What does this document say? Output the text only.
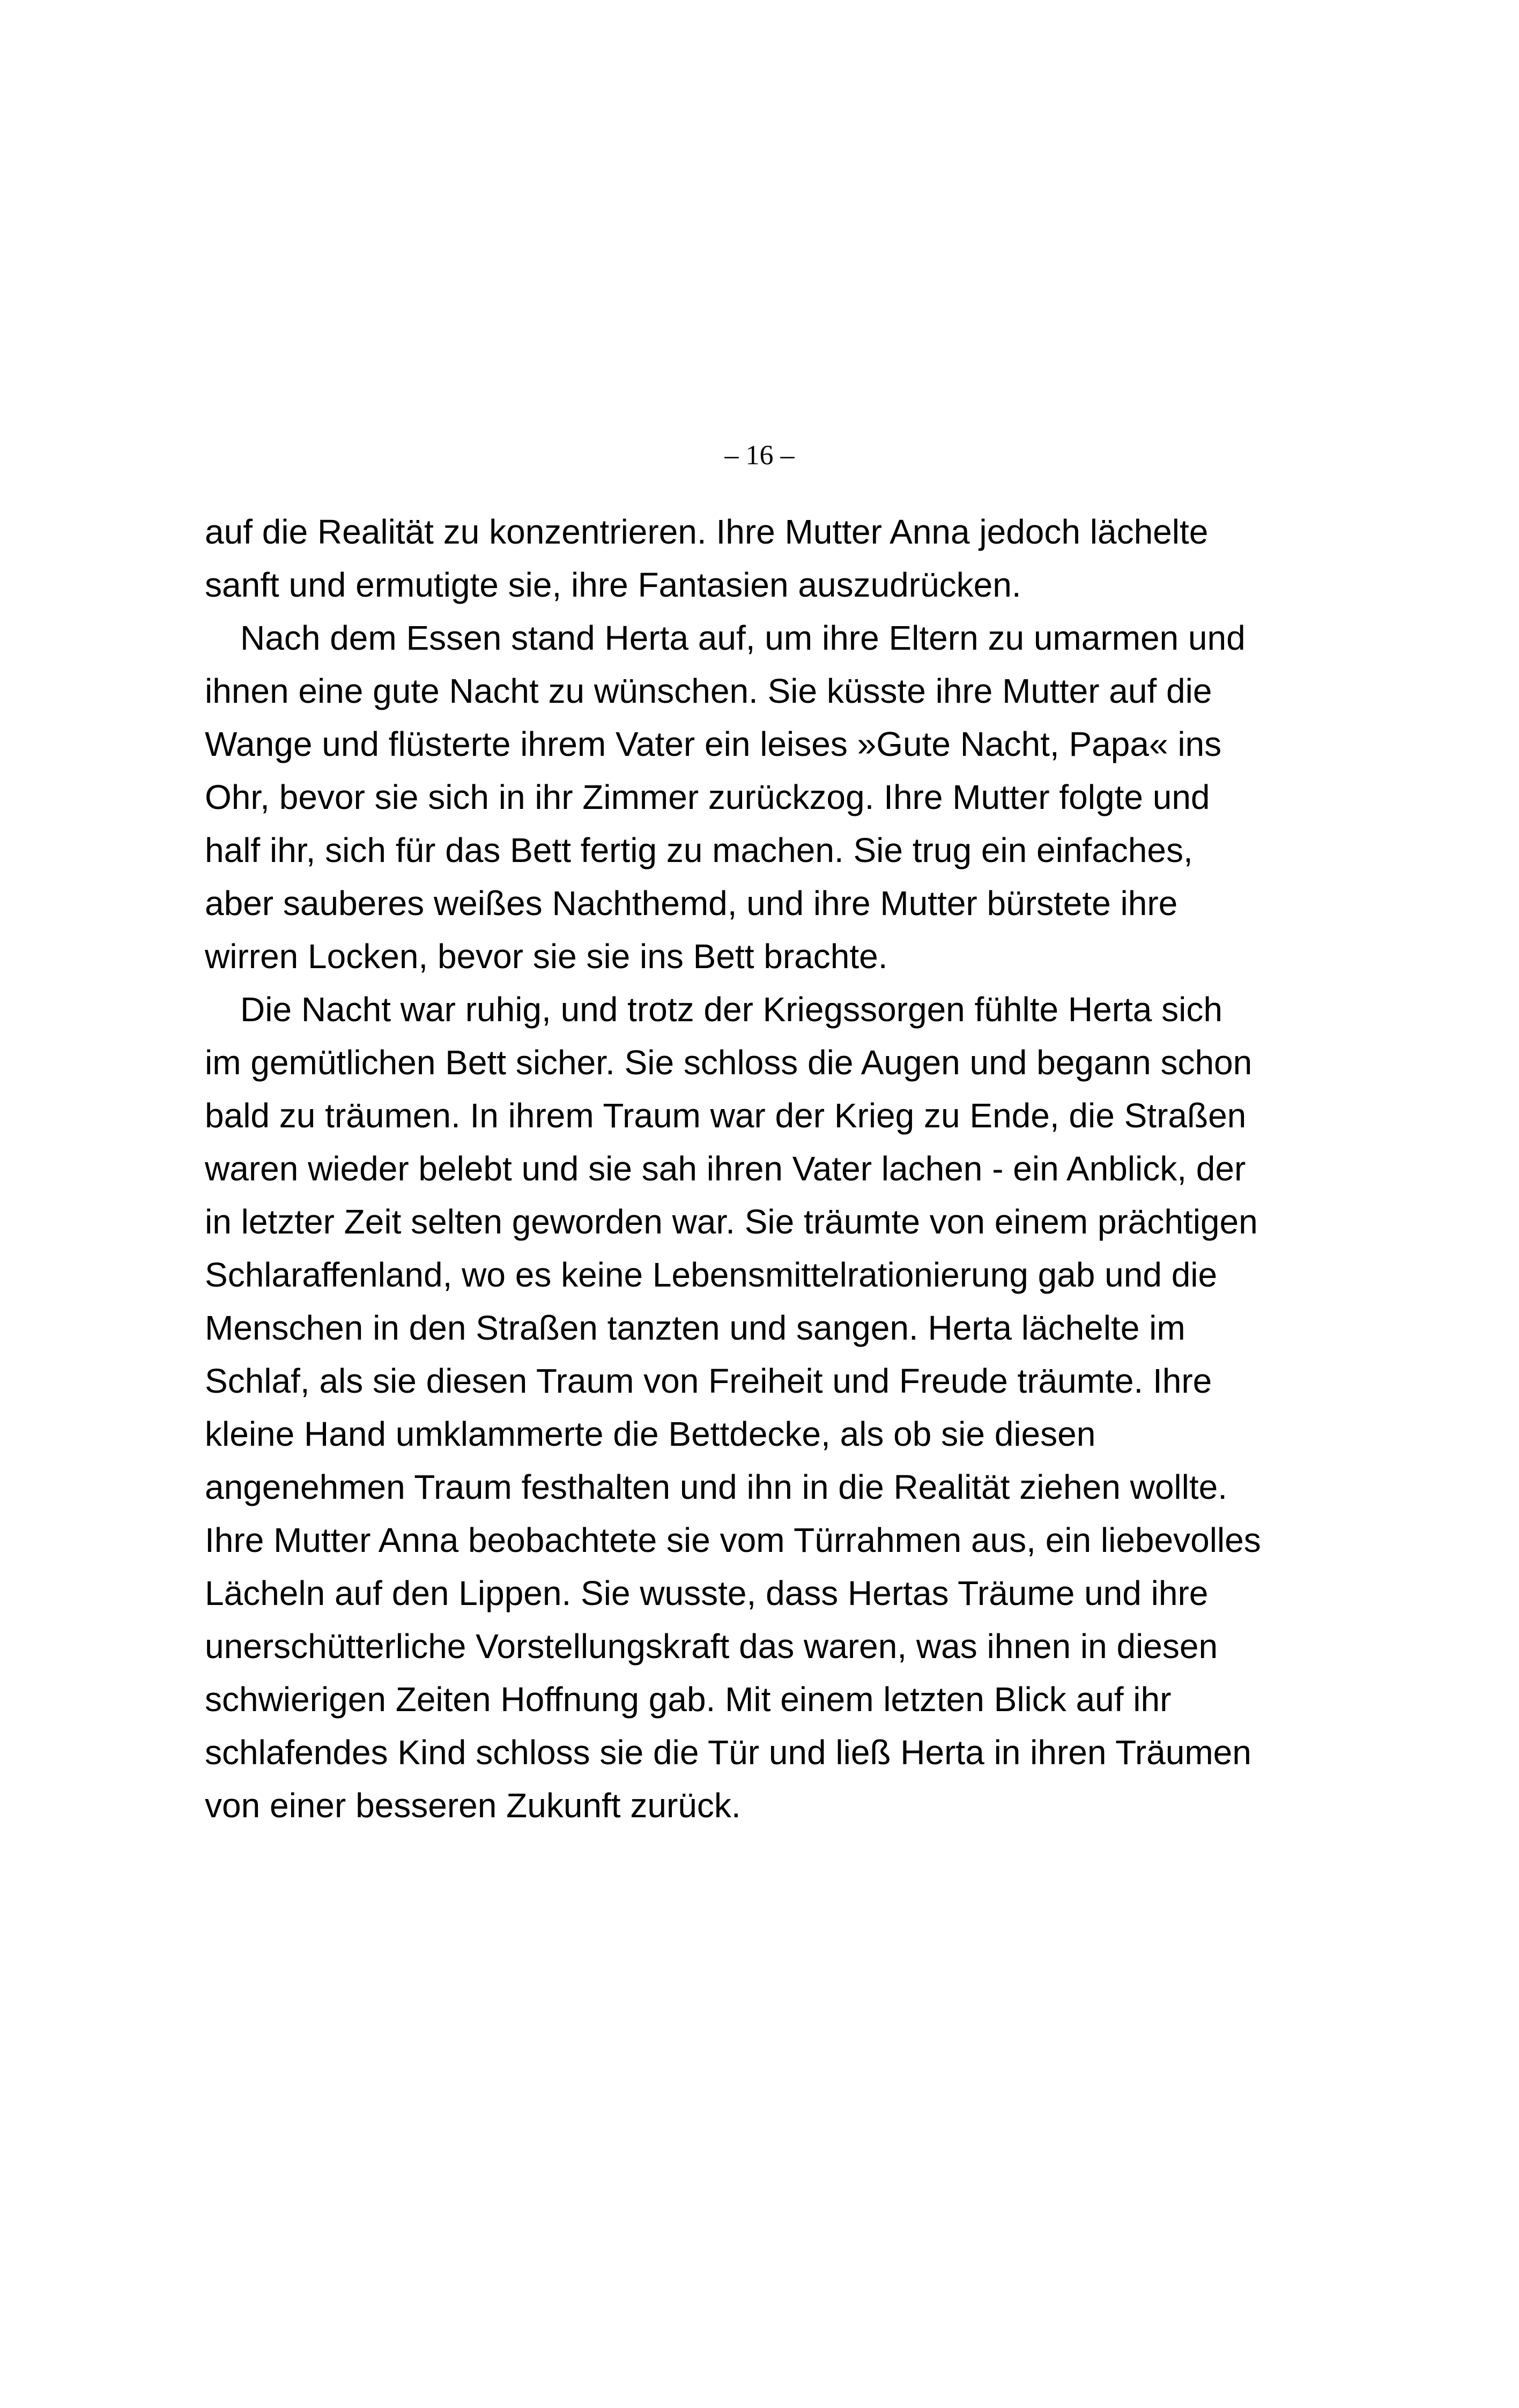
– 16 –
auf die Realität zu konzentrieren. Ihre Mutter Anna jedoch lächelte
sanft und ermutigte sie, ihre Fantasien auszudrücken.
Nach dem Essen stand Herta auf, um ihre Eltern zu umarmen und
ihnen eine gute Nacht zu wünschen. Sie küsste ihre Mutter auf die
Wange und flüsterte ihrem Vater ein leises »Gute Nacht, Papa« ins
Ohr, bevor sie sich in ihr Zimmer zurückzog. Ihre Mutter folgte und
half ihr, sich für das Bett fertig zu machen. Sie trug ein einfaches,
aber sauberes weißes Nachthemd, und ihre Mutter bürstete ihre
wirren Locken, bevor sie sie ins Bett brachte.
Die Nacht war ruhig, und trotz der Kriegssorgen fühlte Herta sich
im gemütlichen Bett sicher. Sie schloss die Augen und begann schon
bald zu träumen. In ihrem Traum war der Krieg zu Ende, die Straßen
waren wieder belebt und sie sah ihren Vater lachen - ein Anblick, der
in letzter Zeit selten geworden war. Sie träumte von einem prächtigen
Schlaraffenland, wo es keine Lebensmittelrationierung gab und die
Menschen in den Straßen tanzten und sangen. Herta lächelte im
Schlaf, als sie diesen Traum von Freiheit und Freude träumte. Ihre
kleine Hand umklammerte die Bettdecke, als ob sie diesen
angenehmen Traum festhalten und ihn in die Realität ziehen wollte.
Ihre Mutter Anna beobachtete sie vom Türrahmen aus, ein liebevolles
Lächeln auf den Lippen. Sie wusste, dass Hertas Träume und ihre
unerschütterliche Vorstellungskraft das waren, was ihnen in diesen
schwierigen Zeiten Hoffnung gab. Mit einem letzten Blick auf ihr
schlafendes Kind schloss sie die Tür und ließ Herta in ihren Träumen
von einer besseren Zukunft zurück.
